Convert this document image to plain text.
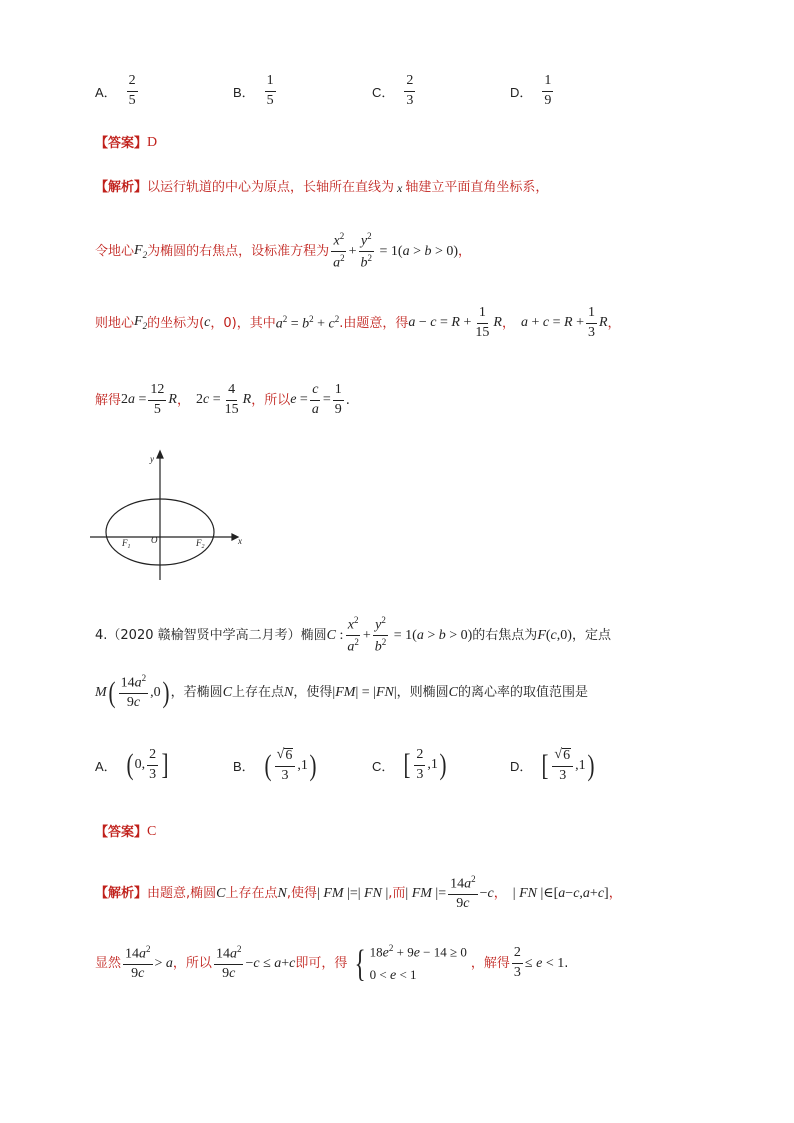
A． $\frac{2}{5}$	B． $\frac{1}{5}$	C． $\frac{2}{3}$	D． $\frac{1}{9}$
【答案】 D
【解析】 以运行轨道的中心为原点，长轴所在直线为 x 轴建立平面直角坐标系，
令地心 $F_2$ 为椭圆的右焦点，设标准方程为 $\frac{x^2}{a^2} + \frac{y^2}{b^2} = 1(a > b > 0)$ ，
则地心 $F_2$ 的坐标为( c ，0)，其中 $a^2 = b^2 + c^2$ .由题意，得 $a - c = R + \frac{1}{15}$ R ， $a + c = R + \frac{1}{3}$ R ，
解得 $2a = \frac{12}{5}$ R ， $2c = \frac{4}{15}$ R ，所以 $e = \frac{c}{a} = \frac{1}{9}$ .
y
x
O
$F_1$	$F_2$
4.（2020 赣榆智贤中学高二月考）椭圆 C : $\frac{x^2}{a^2} + \frac{y^2}{b^2} = 1(a > b > 0)$ 的右焦点为 F(c,0) ，定点
M ( $\frac{14a^2}{9c} ,0$ ) ，若椭圆 C 上存在点 N ，使得 |FM| = |FN| ，则椭圆 C 的离心率的取值范围是
A． ( 0, $\frac{2}{3}$ ]	B． ( $\frac{√ 6}{3} ,1$ )	C． [ $\frac{2}{3} ,1$ )	D． [ $\frac{√ 6}{3} ,1$ )
【答案】 C
【解析】 由题意,椭圆 C 上存在点 N ,使得 | FM |=| FN | ,而 | FM |= $\frac{14a^2}{9c} -c$ ， | FN |∈[a−c,a+c] ，
显然 $\frac{14a^2}{9c} > a$ ，所以 $\frac{14a^2}{9c} -c \le a+c$ 即可，得 { $18e^2 + 9e - 14 \ge 0$
0 < e < 1
，解得 $\frac{2}{3} \le e < 1$ .
